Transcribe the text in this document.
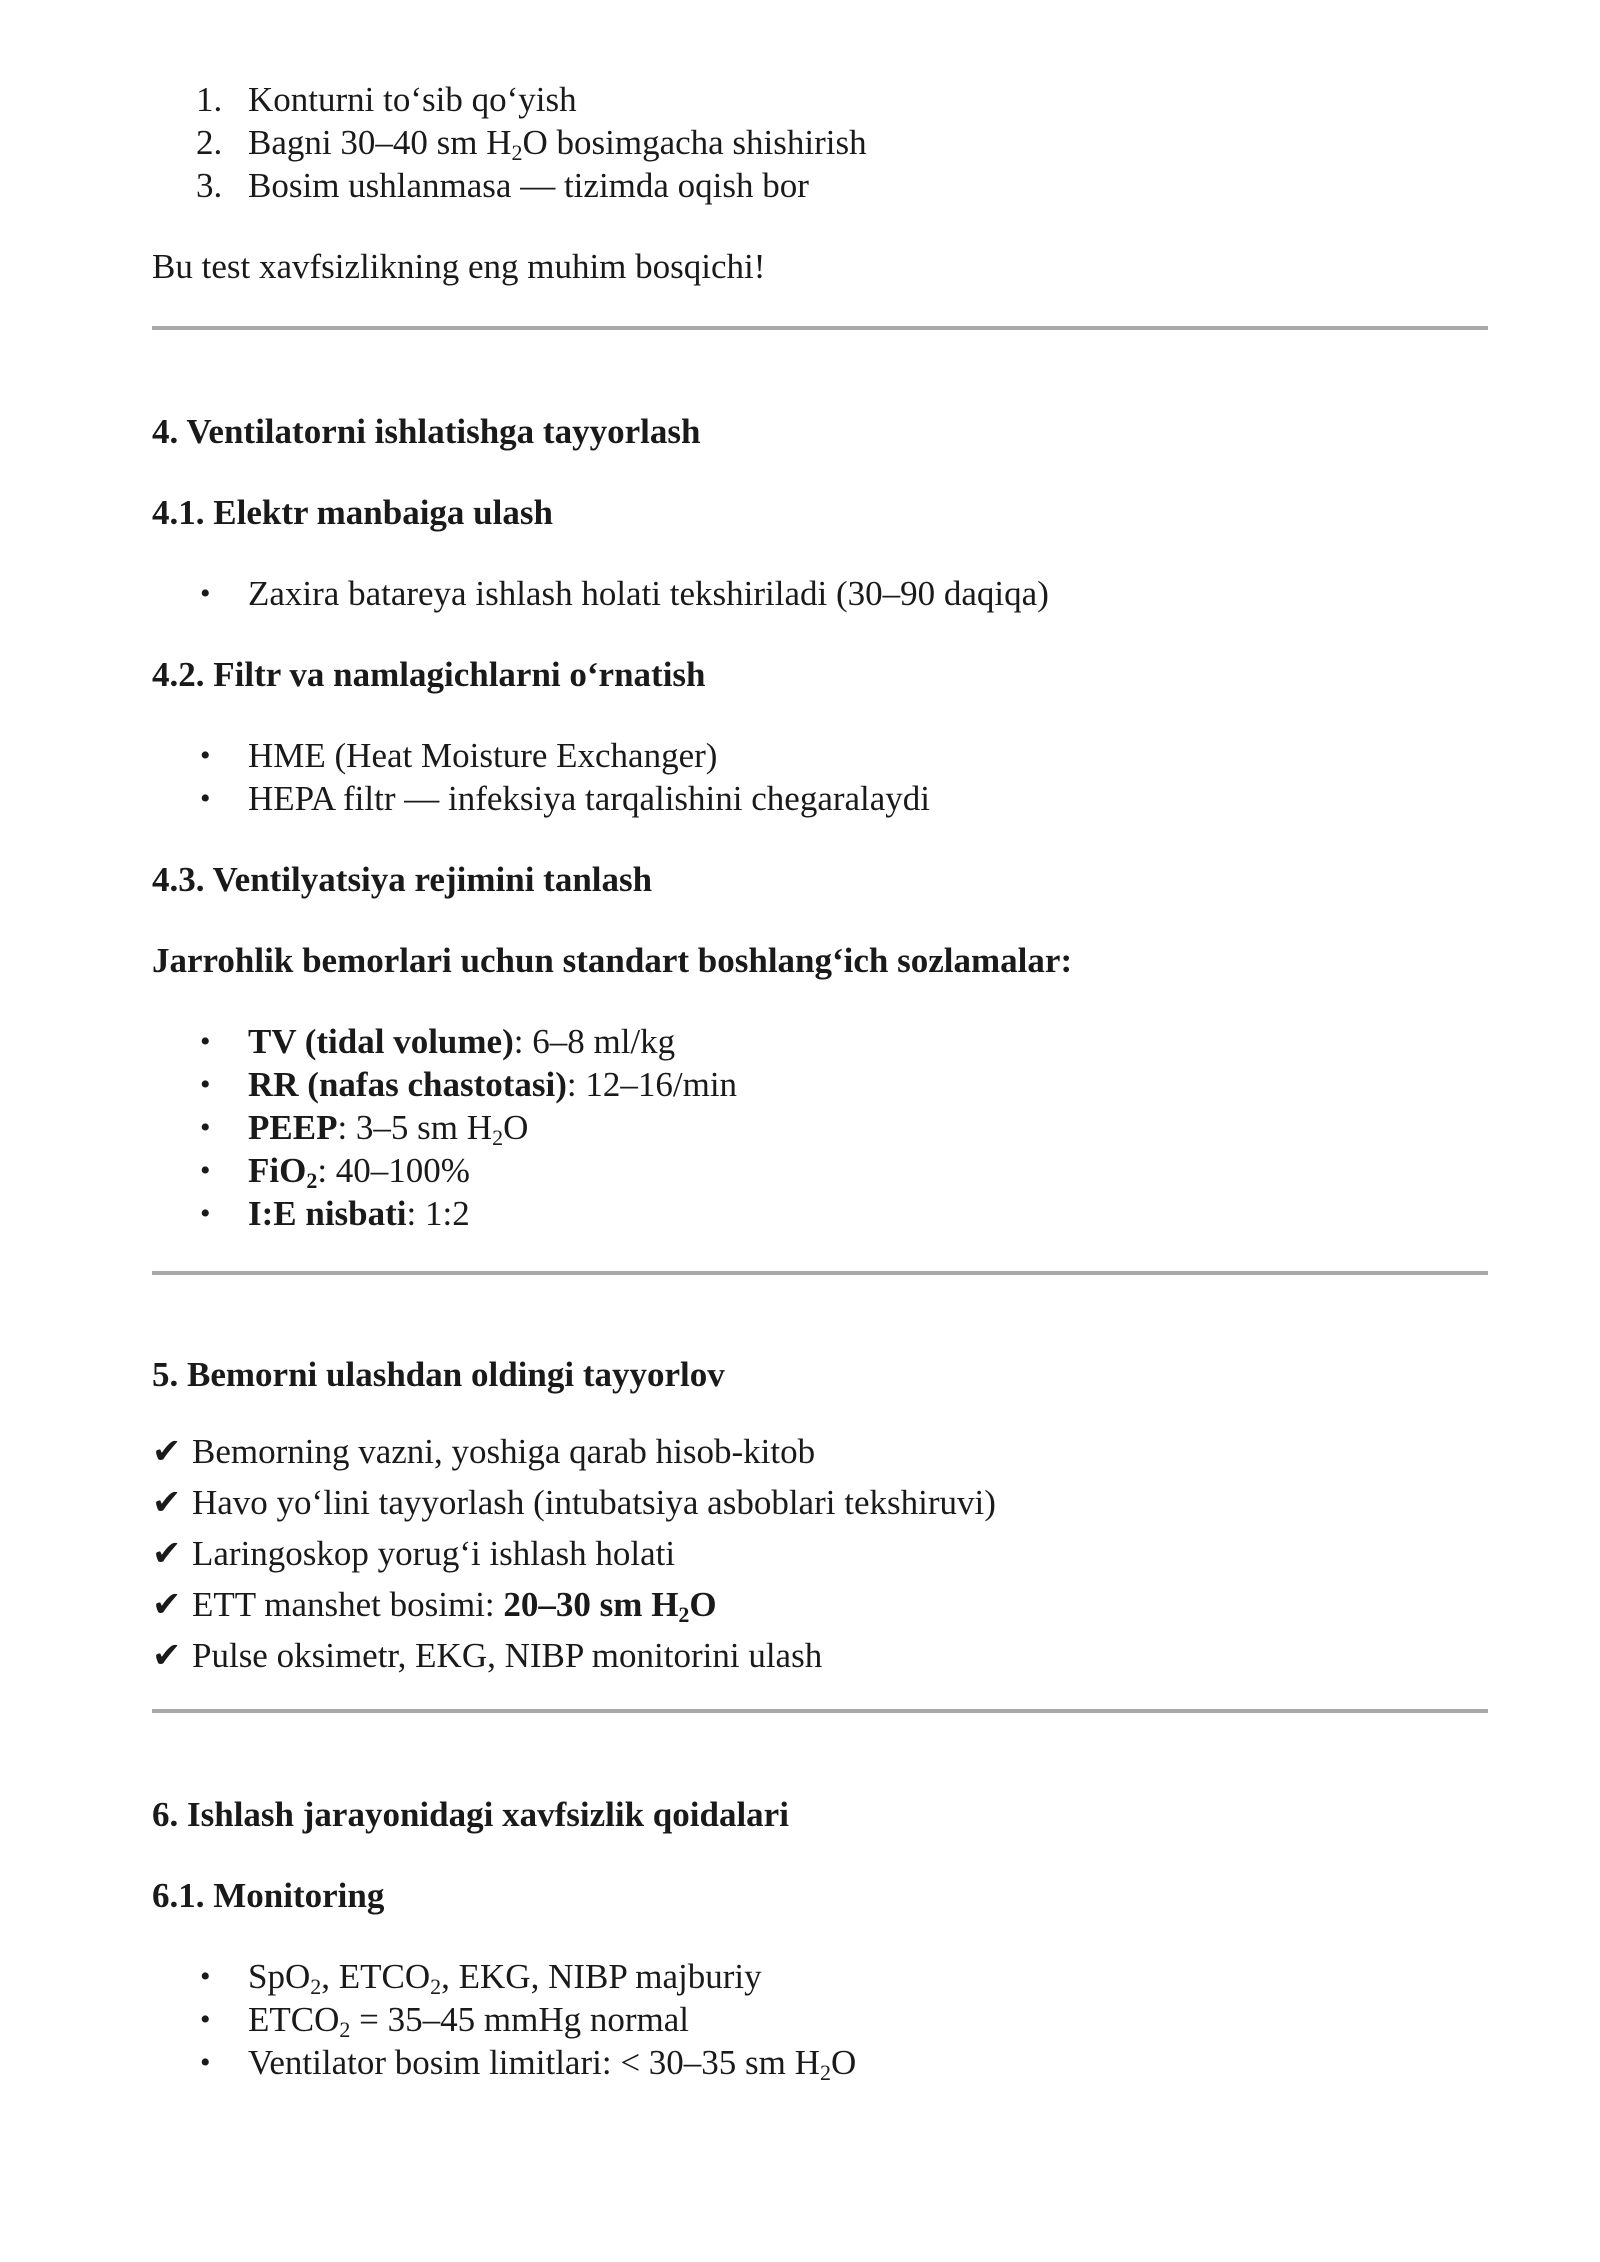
1. Konturni to‘sib qo‘yish
2. Bagni 30–40 sm $H_2O$ bosimgacha shishirish
3. Bosim ushlanmasa — tizimda oqish bor

Bu test xavfsizlikning eng muhim bosqichi!

4. Ventilatorni ishlatishga tayyorlash
4.1. Elektr manbaiga ulash
• Zaxira batareya ishlash holati tekshiriladi (30–90 daqiqa)
4.2. Filtr va namlagichlarni o‘rnatish
• HME (Heat Moisture Exchanger)
• HEPA filtr — infeksiya tarqalishini chegaralaydi
4.3. Ventilyatsiya rejimini tanlash
Jarrohlik bemorlari uchun standart boshlang‘ich sozlamalar:
• TV (tidal volume): 6–8 ml/kg
• RR (nafas chastotasi): 12–16/min
• PEEP: 3–5 sm $H_2O$
• FiO$_2$: 40–100%
• I:E nisbati: 1:2
5. Bemorni ulashdan oldingi tayyorlov
✔ Bemorning vazni, yoshiga qarab hisob-kitob
✔ Havo yo‘lini tayyorlash (intubatsiya asboblari tekshiruvi)
✔ Laringoskop yorug‘i ishlash holati
✔ ETT manshet bosimi: 20–30 sm $H_2O$
✔ Pulse oksimetr, EKG, NIBP monitorini ulash
6. Ishlash jarayonidagi xavfsizlik qoidalari
6.1. Monitoring
• SpO$_2$, $ETCO_2$, EKG, NIBP majburiy
• $ETCO_2 = 35-45$ mmHg normal
• Ventilator bosim limitlari: < 30–35 sm $H_2O$
